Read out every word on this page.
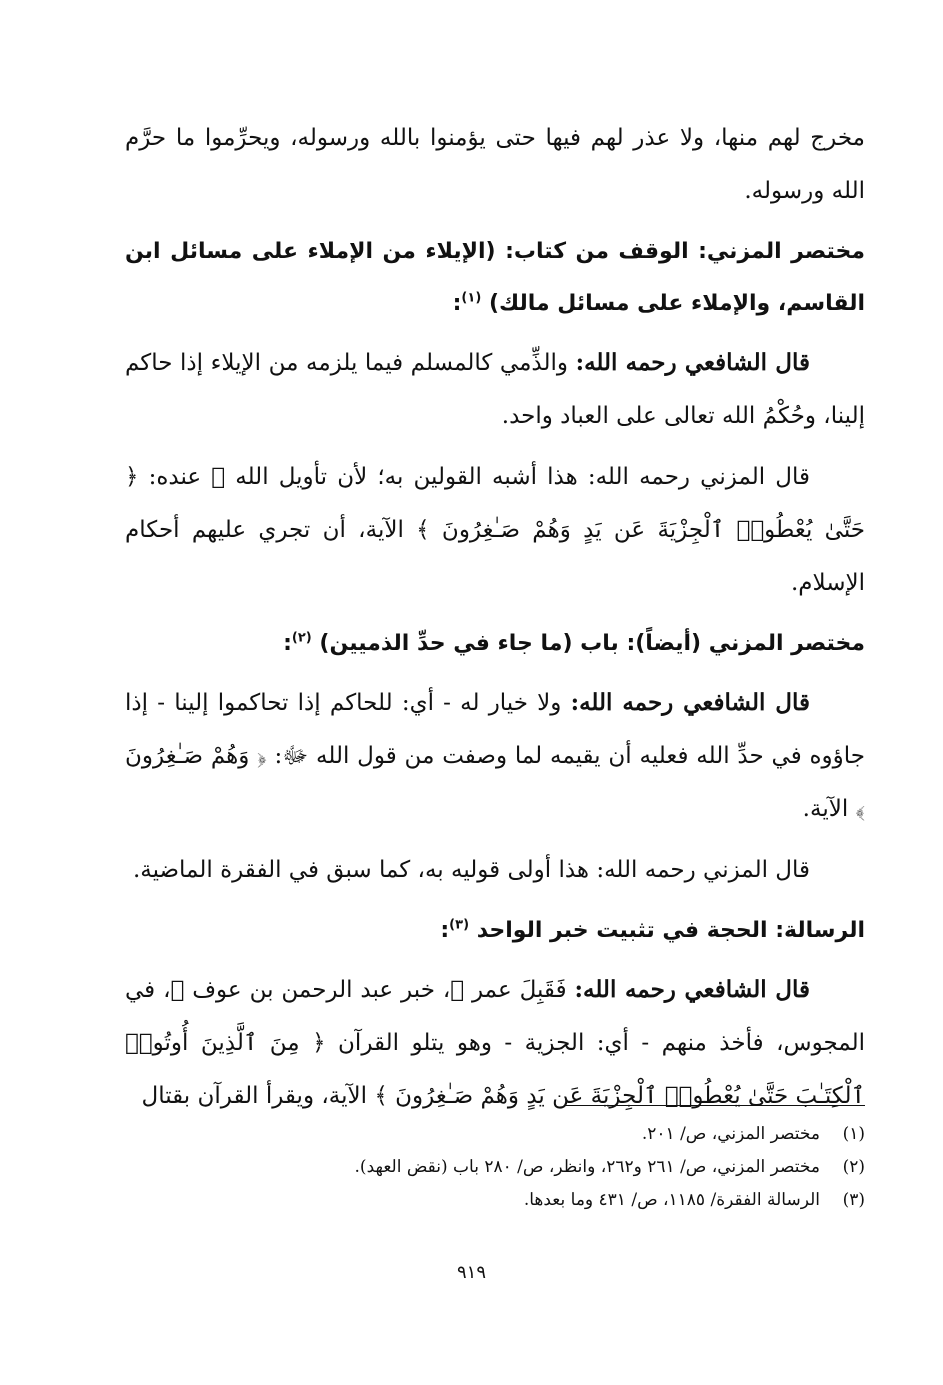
مخرج لهم منها، ولا عذر لهم فيها حتى يؤمنوا بالله ورسوله، ويحرِّموا ما حرَّم الله ورسوله.

مختصر المزني: الوقف من كتاب: (الإيلاء من الإملاء على مسائل ابن القاسم، والإملاء على مسائل مالك) $^{(١)}$:

قال الشافعي رحمه الله: والذِّمي كالمسلم فيما يلزمه من الإيلاء إذا حاكم إلينا، وحُكْمُ الله تعالى على العباد واحد.

قال المزني رحمه الله: هذا أشبه القولين به؛ لأن تأويل الله ﷻ عنده: ﴿ حَتَّىٰ يُعْطُوا۟ ٱلْجِزْيَةَ عَن يَدٍ وَهُمْ صَـٰغِرُونَ ﴾ الآية، أن تجري عليهم أحكام الإسلام.

مختصر المزني (أيضاً): باب (ما جاء في حدِّ الذميين) $^{(٢)}$:

قال الشافعي رحمه الله: ولا خيار له - أي: للحاكم إذا تحاكموا إلينا - إذا جاؤوه في حدِّ الله فعليه أن يقيمه لما وصفت من قول الله ﷻ: ﴿ وَهُمْ صَـٰغِرُونَ ﴾ الآية.

قال المزني رحمه الله: هذا أولى قوليه به، كما سبق في الفقرة الماضية.

الرسالة: الحجة في تثبيت خبر الواحد $^{(٣)}$:

قال الشافعي رحمه الله: فَقَبِلَ عمر ﷺ، خبر عبد الرحمن بن عوف ﷺ، في المجوس، فأخذ منهم - أي: الجزية - وهو يتلو القرآن ﴿ مِنَ ٱلَّذِينَ أُوتُوا۟ ٱلْكِتَـٰبَ حَتَّىٰ يُعْطُوا۟ ٱلْجِزْيَةَ عَن يَدٍ وَهُمْ صَـٰغِرُونَ ﴾ الآية، ويقرأ القرآن بقتال

(١)
مختصر المزني، ص/ ٢٠١.
(٢)
مختصر المزني، ص/ ٢٦١ و٢٦٢، وانظر، ص/ ٢٨٠ باب (نقض العهد).
(٣)
الرسالة الفقرة/ ١١٨٥، ص/ ٤٣١ وما بعدها.
٩١٩
